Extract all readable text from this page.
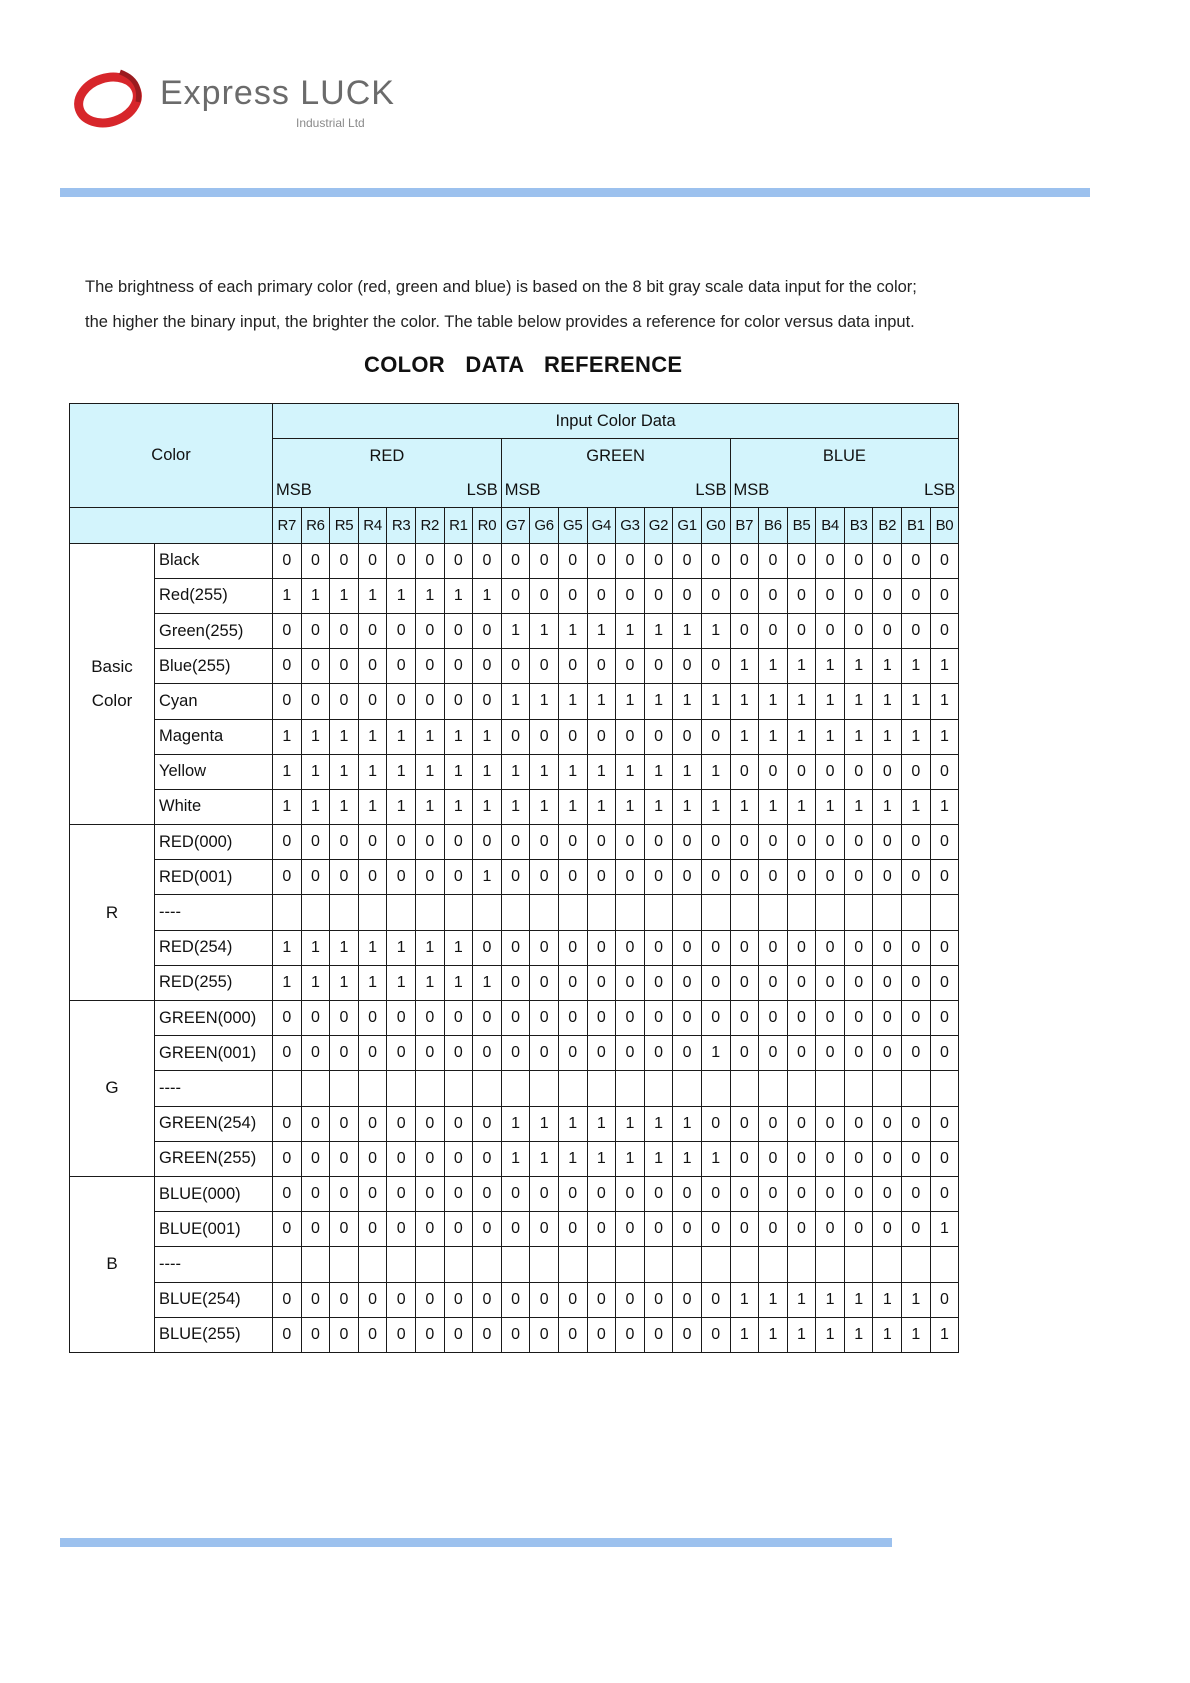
Express LUCK
Industrial Ltd

The brightness of each primary color (red, green and blue) is based on the 8 bit gray scale data input for the color;

the higher the binary input, the brighter the color. The table below provides a reference for color versus data input.

COLOR DATA REFERENCE
Color		Input Color Data																							
		RED								GREEN								BLUE							

		MSB LSB								MSB LSB								MSB LSB							

		R7	R6	R5	R4	R3	R2	R1	R0	G7	G6	G5	G4	G3	G2	G1	G0	B7	B6	B5	B4	B3	B2	B1	B0

Basic
Color	Black	0	0	0	0	0	0	0	0	0	0	0	0	0	0	0	0	0	0	0	0	0	0	0	0
	Red(255)	1	1	1	1	1	1	1	1	0	0	0	0	0	0	0	0	0	0	0	0	0	0	0	0
	Green(255)	0	0	0	0	0	0	0	0	1	1	1	1	1	1	1	1	0	0	0	0	0	0	0	0
	Blue(255)	0	0	0	0	0	0	0	0	0	0	0	0	0	0	0	0	1	1	1	1	1	1	1	1
	Cyan	0	0	0	0	0	0	0	0	1	1	1	1	1	1	1	1	1	1	1	1	1	1	1	1
	Magenta	1	1	1	1	1	1	1	1	0	0	0	0	0	0	0	0	1	1	1	1	1	1	1	1
	Yellow	1	1	1	1	1	1	1	1	1	1	1	1	1	1	1	1	0	0	0	0	0	0	0	0
	White	1	1	1	1	1	1	1	1	1	1	1	1	1	1	1	1	1	1	1	1	1	1	1	1

R	RED(000)	0	0	0	0	0	0	0	0	0	0	0	0	0	0	0	0	0	0	0	0	0	0	0	0
	RED(001)	0	0	0	0	0	0	0	1	0	0	0	0	0	0	0	0	0	0	0	0	0	0	0	0
	----																								
	RED(254)	1	1	1	1	1	1	1	0	0	0	0	0	0	0	0	0	0	0	0	0	0	0	0	0
	RED(255)	1	1	1	1	1	1	1	1	0	0	0	0	0	0	0	0	0	0	0	0	0	0	0	0

G	GREEN(000)	0	0	0	0	0	0	0	0	0	0	0	0	0	0	0	0	0	0	0	0	0	0	0	0
	GREEN(001)	0	0	0	0	0	0	0	0	0	0	0	0	0	0	0	1	0	0	0	0	0	0	0	0
	----																								
	GREEN(254)	0	0	0	0	0	0	0	0	1	1	1	1	1	1	1	0	0	0	0	0	0	0	0	0
	GREEN(255)	0	0	0	0	0	0	0	0	1	1	1	1	1	1	1	1	0	0	0	0	0	0	0	0

B	BLUE(000)	0	0	0	0	0	0	0	0	0	0	0	0	0	0	0	0	0	0	0	0	0	0	0	0
	BLUE(001)	0	0	0	0	0	0	0	0	0	0	0	0	0	0	0	0	0	0	0	0	0	0	0	1
	----																								
	BLUE(254)	0	0	0	0	0	0	0	0	0	0	0	0	0	0	0	0	1	1	1	1	1	1	1	0
	BLUE(255)	0	0	0	0	0	0	0	0	0	0	0	0	0	0	0	0	1	1	1	1	1	1	1	1
